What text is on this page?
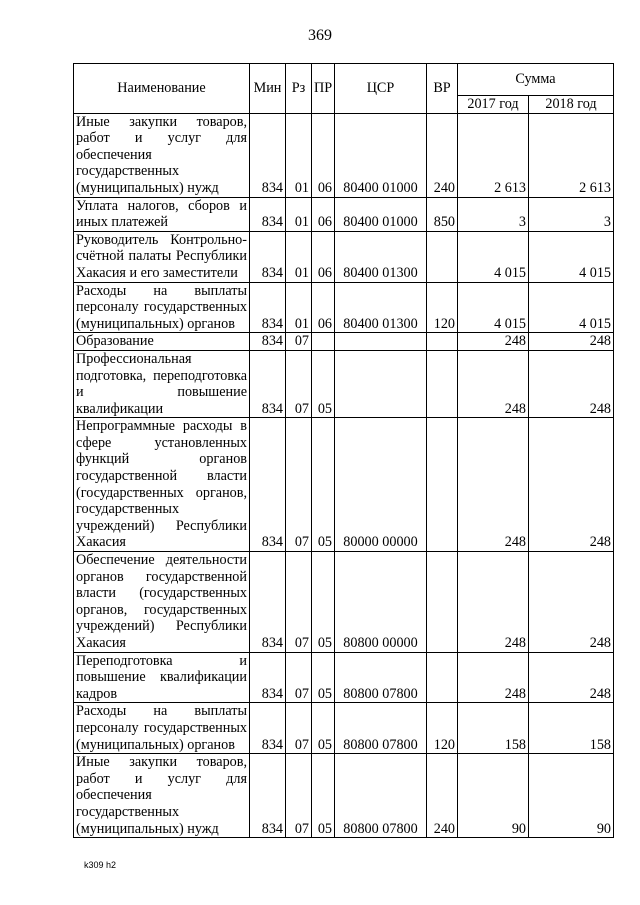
369
Наименование	Мин	Рз	ПР	ЦСР	ВР	Сумма	
						2017 год	2018 год
Иные закупки товаров, работ и услуг для обеспечения государственных (муниципальных) нужд	834	01	06	80400 01000	240	2 613	2 613
Уплата налогов, сборов и иных платежей	834	01	06	80400 01000	850	3	3
Руководитель Контрольно-счётной палаты Республики Хакасия и его заместители	834	01	06	80400 01300		4 015	4 015
Расходы на выплаты персоналу государственных (муниципальных) органов	834	01	06	80400 01300	120	4 015	4 015
Образование	834	07				248	248
Профессиональная подготовка, переподготовка и повышение квалификации	834	07	05			248	248
Непрограммные расходы в сфере установленных функций органов государственной власти (государственных органов, государственных учреждений) Республики Хакасия	834	07	05	80000 00000		248	248
Обеспечение деятельности органов государственной власти (государственных органов, государственных учреждений) Республики Хакасия	834	07	05	80800 00000		248	248
Переподготовка и повышение квалификации кадров	834	07	05	80800 07800		248	248
Расходы на выплаты персоналу государственных (муниципальных) органов	834	07	05	80800 07800	120	158	158
Иные закупки товаров, работ и услуг для обеспечения государственных (муниципальных) нужд	834	07	05	80800 07800	240	90	90
k309 h2
